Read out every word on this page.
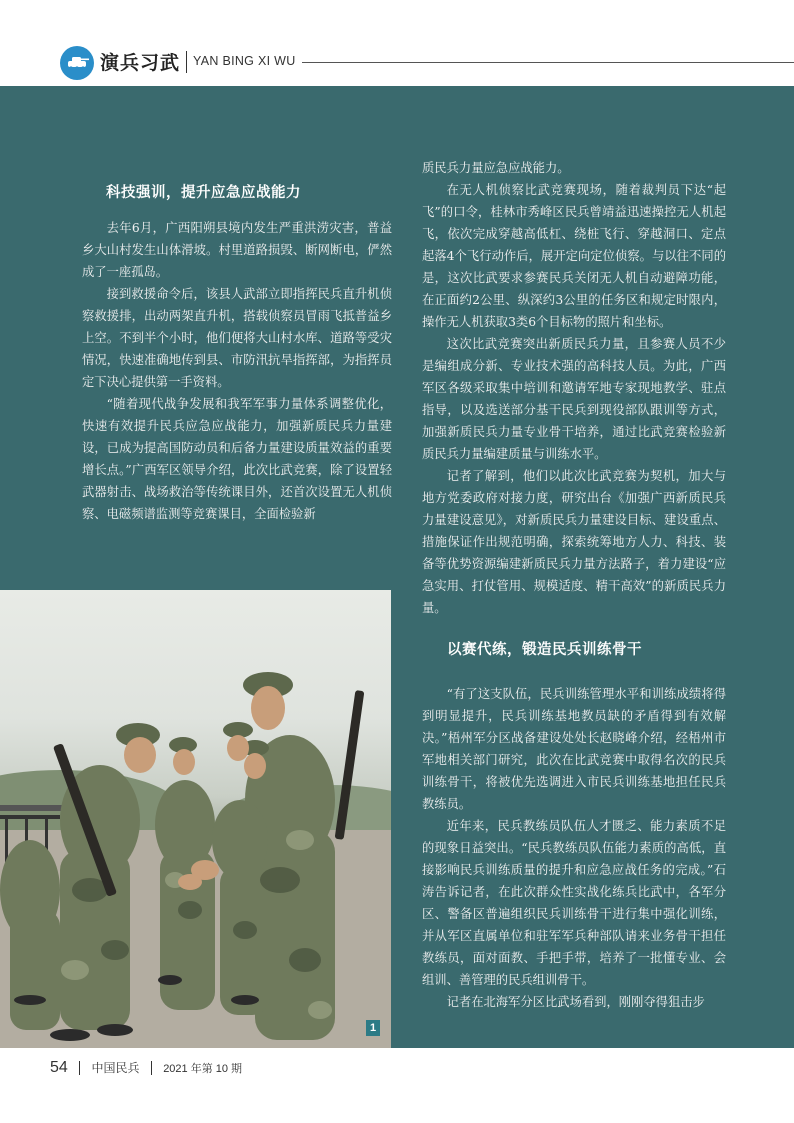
演兵习武 YAN BING XI WU
科技强训，提升应急应战能力

去年6月，广西阳朔县境内发生严重洪涝灾害，普益乡大山村发生山体滑坡。村里道路损毁、断网断电，俨然成了一座孤岛。

接到救援命令后，该县人武部立即指挥民兵直升机侦察救援排，出动两架直升机，搭载侦察员冒雨飞抵普益乡上空。不到半个小时，他们便将大山村水库、道路等受灾情况，快速准确地传到县、市防汛抗旱指挥部，为指挥员定下决心提供第一手资料。

“随着现代战争发展和我军军事力量体系调整优化，快速有效提升民兵应急应战能力，加强新质民兵力量建设，已成为提高国防动员和后备力量建设质量效益的重要增长点。”广西军区领导介绍，此次比武竞赛，除了设置轻武器射击、战场救治等传统课目外，还首次设置无人机侦察、电磁频谱监测等竞赛课目，全面检验新

质民兵力量应急应战能力。

在无人机侦察比武竞赛现场，随着裁判员下达“起飞”的口令，桂林市秀峰区民兵曾靖益迅速操控无人机起飞，依次完成穿越高低杠、绕桩飞行、穿越洞口、定点起落4个飞行动作后，展开定向定位侦察。与以往不同的是，这次比武要求参赛民兵关闭无人机自动避障功能，在正面约2公里、纵深约3公里的任务区和规定时限内，操作无人机获取3类6个目标物的照片和坐标。

这次比武竞赛突出新质民兵力量，且参赛人员不少是编组成分新、专业技术强的高科技人员。为此，广西军区各级采取集中培训和邀请军地专家现地教学、驻点指导，以及选送部分基干民兵到现役部队跟训等方式，加强新质民兵力量专业骨干培养，通过比武竞赛检验新质民兵力量编建质量与训练水平。

记者了解到，他们以此次比武竞赛为契机，加大与地方党委政府对接力度，研究出台《加强广西新质民兵力量建设意见》，对新质民兵力量建设目标、建设重点、措施保证作出规范明确，探索统筹地方人力、科技、装备等优势资源编建新质民兵力量方法路子，着力建设“应急实用、打仗管用、规模适度、精干高效”的新质民兵力量。

以赛代练，锻造民兵训练骨干

“有了这支队伍，民兵训练管理水平和训练成绩将得到明显提升，民兵训练基地教员缺的矛盾得到有效解决。”梧州军分区战备建设处处长赵晓峰介绍，经梧州市军地相关部门研究，此次在比武竞赛中取得名次的民兵训练骨干，将被优先选调进入市民兵训练基地担任民兵教练员。

近年来，民兵教练员队伍人才匮乏、能力素质不足的现象日益突出。“民兵教练员队伍能力素质的高低，直接影响民兵训练质量的提升和应急应战任务的完成。”石涛告诉记者，在此次群众性实战化练兵比武中，各军分区、警备区普遍组织民兵训练骨干进行集中强化训练，并从军区直属单位和驻军军兵种部队请来业务骨干担任教练员，面对面教、手把手带，培养了一批懂专业、会组训、善管理的民兵组训骨干。

记者在北海军分区比武场看到，刚刚夺得狙击步

1
54 中国民兵 2021 年第 10 期
